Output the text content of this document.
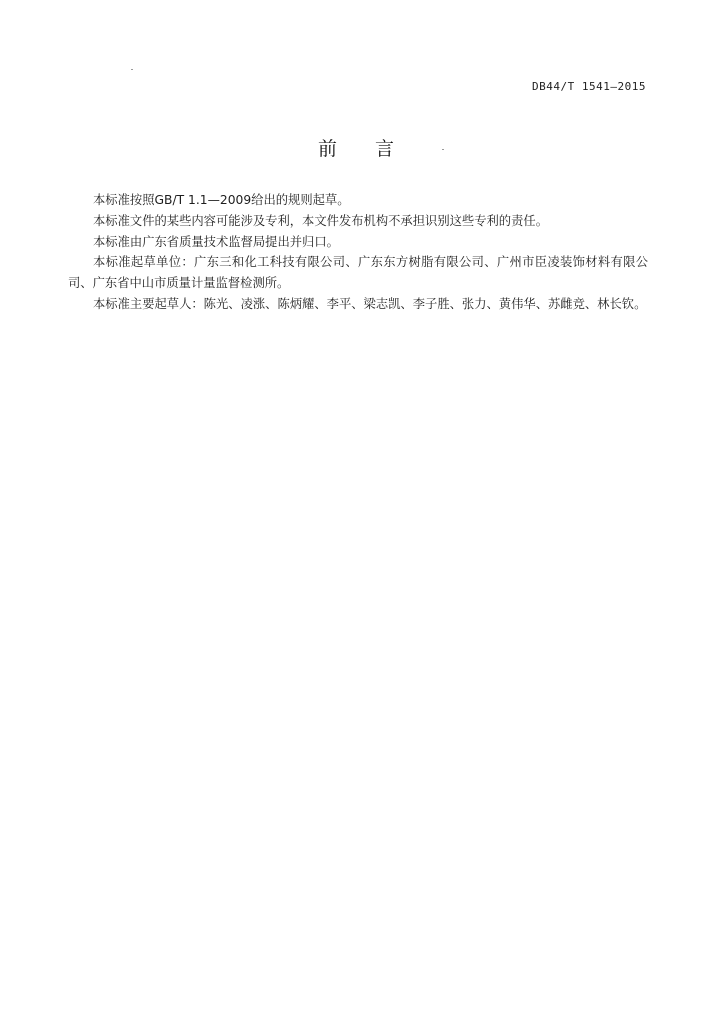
DB44/T 1541—2015
前言

本标准按照GB/T 1.1—2009给出的规则起草。

本标准文件的某些内容可能涉及专利，本文件发布机构不承担识别这些专利的责任。

本标准由广东省质量技术监督局提出并归口。

本标准起草单位：广东三和化工科技有限公司、广东东方树脂有限公司、广州市臣凌装饰材料有限公司、广东省中山市质量计量监督检测所。

本标准主要起草人：陈光、凌涨、陈炳耀、李平、梁志凯、李子胜、张力、黄伟华、苏雌竞、林长钦。
